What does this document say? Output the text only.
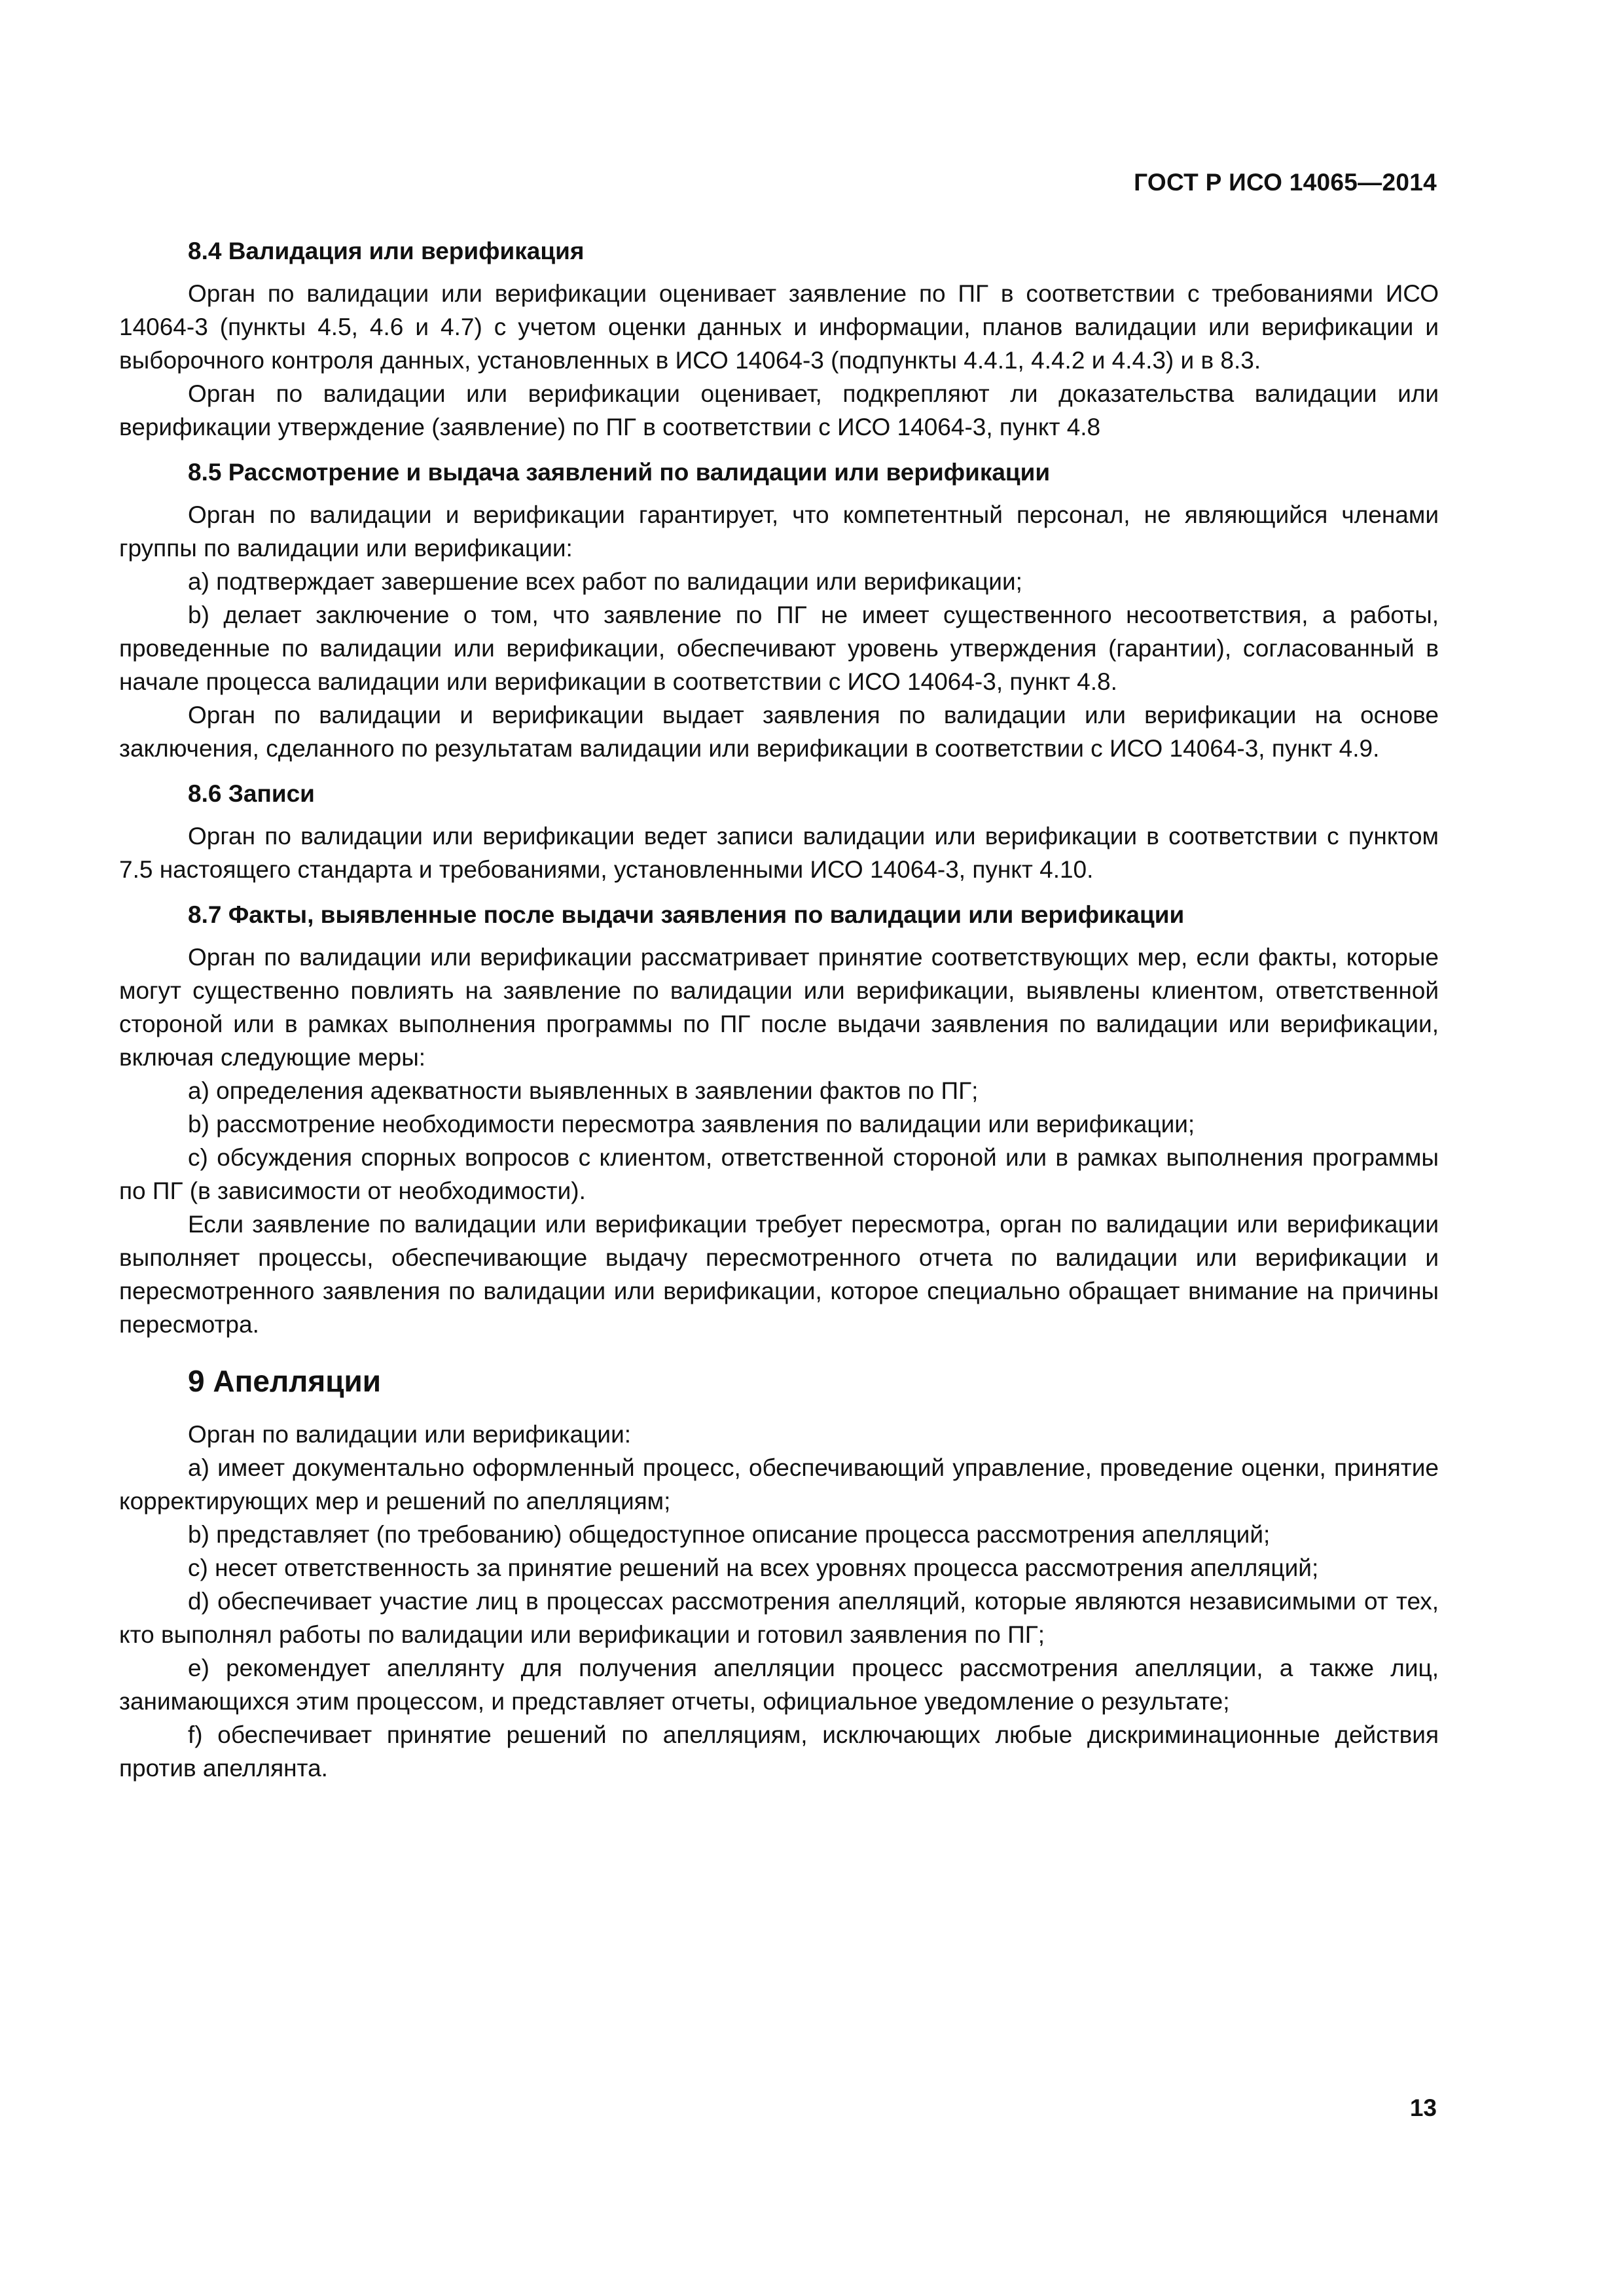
ГОСТ Р ИСО 14065—2014
8.4 Валидация или верификация

Орган по валидации или верификации оценивает заявление по ПГ в соответствии с требованиями ИСО 14064-3 (пункты 4.5, 4.6 и 4.7) с учетом оценки данных и информации, планов валидации или верификации и выборочного контроля данных, установленных в ИСО 14064-3 (подпункты 4.4.1, 4.4.2 и 4.4.3) и в 8.3.

Орган по валидации или верификации оценивает, подкрепляют ли доказательства валидации или верификации утверждение (заявление) по ПГ в соответствии с ИСО 14064-3, пункт 4.8

8.5 Рассмотрение и выдача заявлений по валидации или верификации

Орган по валидации и верификации гарантирует, что компетентный персонал, не являющийся членами группы по валидации или верификации:

a) подтверждает завершение всех работ по валидации или верификации;

b) делает заключение о том, что заявление по ПГ не имеет существенного несоответствия, а работы, проведенные по валидации или верификации, обеспечивают уровень утверждения (гарантии), согласованный в начале процесса валидации или верификации в соответствии с ИСО 14064-3, пункт 4.8.

Орган по валидации и верификации выдает заявления по валидации или верификации на основе заключения, сделанного по результатам валидации или верификации в соответствии с ИСО 14064-3, пункт 4.9.

8.6 Записи

Орган по валидации или верификации ведет записи валидации или верификации в соответствии с пунктом 7.5 настоящего стандарта и требованиями, установленными ИСО 14064-3, пункт 4.10.

8.7 Факты, выявленные после выдачи заявления по валидации или верификации

Орган по валидации или верификации рассматривает принятие соответствующих мер, если факты, которые могут существенно повлиять на заявление по валидации или верификации, выявлены клиентом, ответственной стороной или в рамках выполнения программы по ПГ после выдачи заявления по валидации или верификации, включая следующие меры:

a) определения адекватности выявленных в заявлении фактов по ПГ;

b) рассмотрение необходимости пересмотра заявления по валидации или верификации;

c) обсуждения спорных вопросов с клиентом, ответственной стороной или в рамках выполнения программы по ПГ (в зависимости от необходимости).

Если заявление по валидации или верификации требует пересмотра, орган по валидации или верификации выполняет процессы, обеспечивающие выдачу пересмотренного отчета по валидации или верификации и пересмотренного заявления по валидации или верификации, которое специально обращает внимание на причины пересмотра.

9 Апелляции

Орган по валидации или верификации:

a) имеет документально оформленный процесс, обеспечивающий управление, проведение оценки, принятие корректирующих мер и решений по апелляциям;

b) представляет (по требованию) общедоступное описание процесса рассмотрения апелляций;

c) несет ответственность за принятие решений на всех уровнях процесса рассмотрения апелляций;

d) обеспечивает участие лиц в процессах рассмотрения апелляций, которые являются независимыми от тех, кто выполнял работы по валидации или верификации и готовил заявления по ПГ;

e) рекомендует апеллянту для получения апелляции процесс рассмотрения апелляции, а также лиц, занимающихся этим процессом, и представляет отчеты, официальное уведомление о результате;

f) обеспечивает принятие решений по апелляциям, исключающих любые дискриминационные действия против апеллянта.

13
